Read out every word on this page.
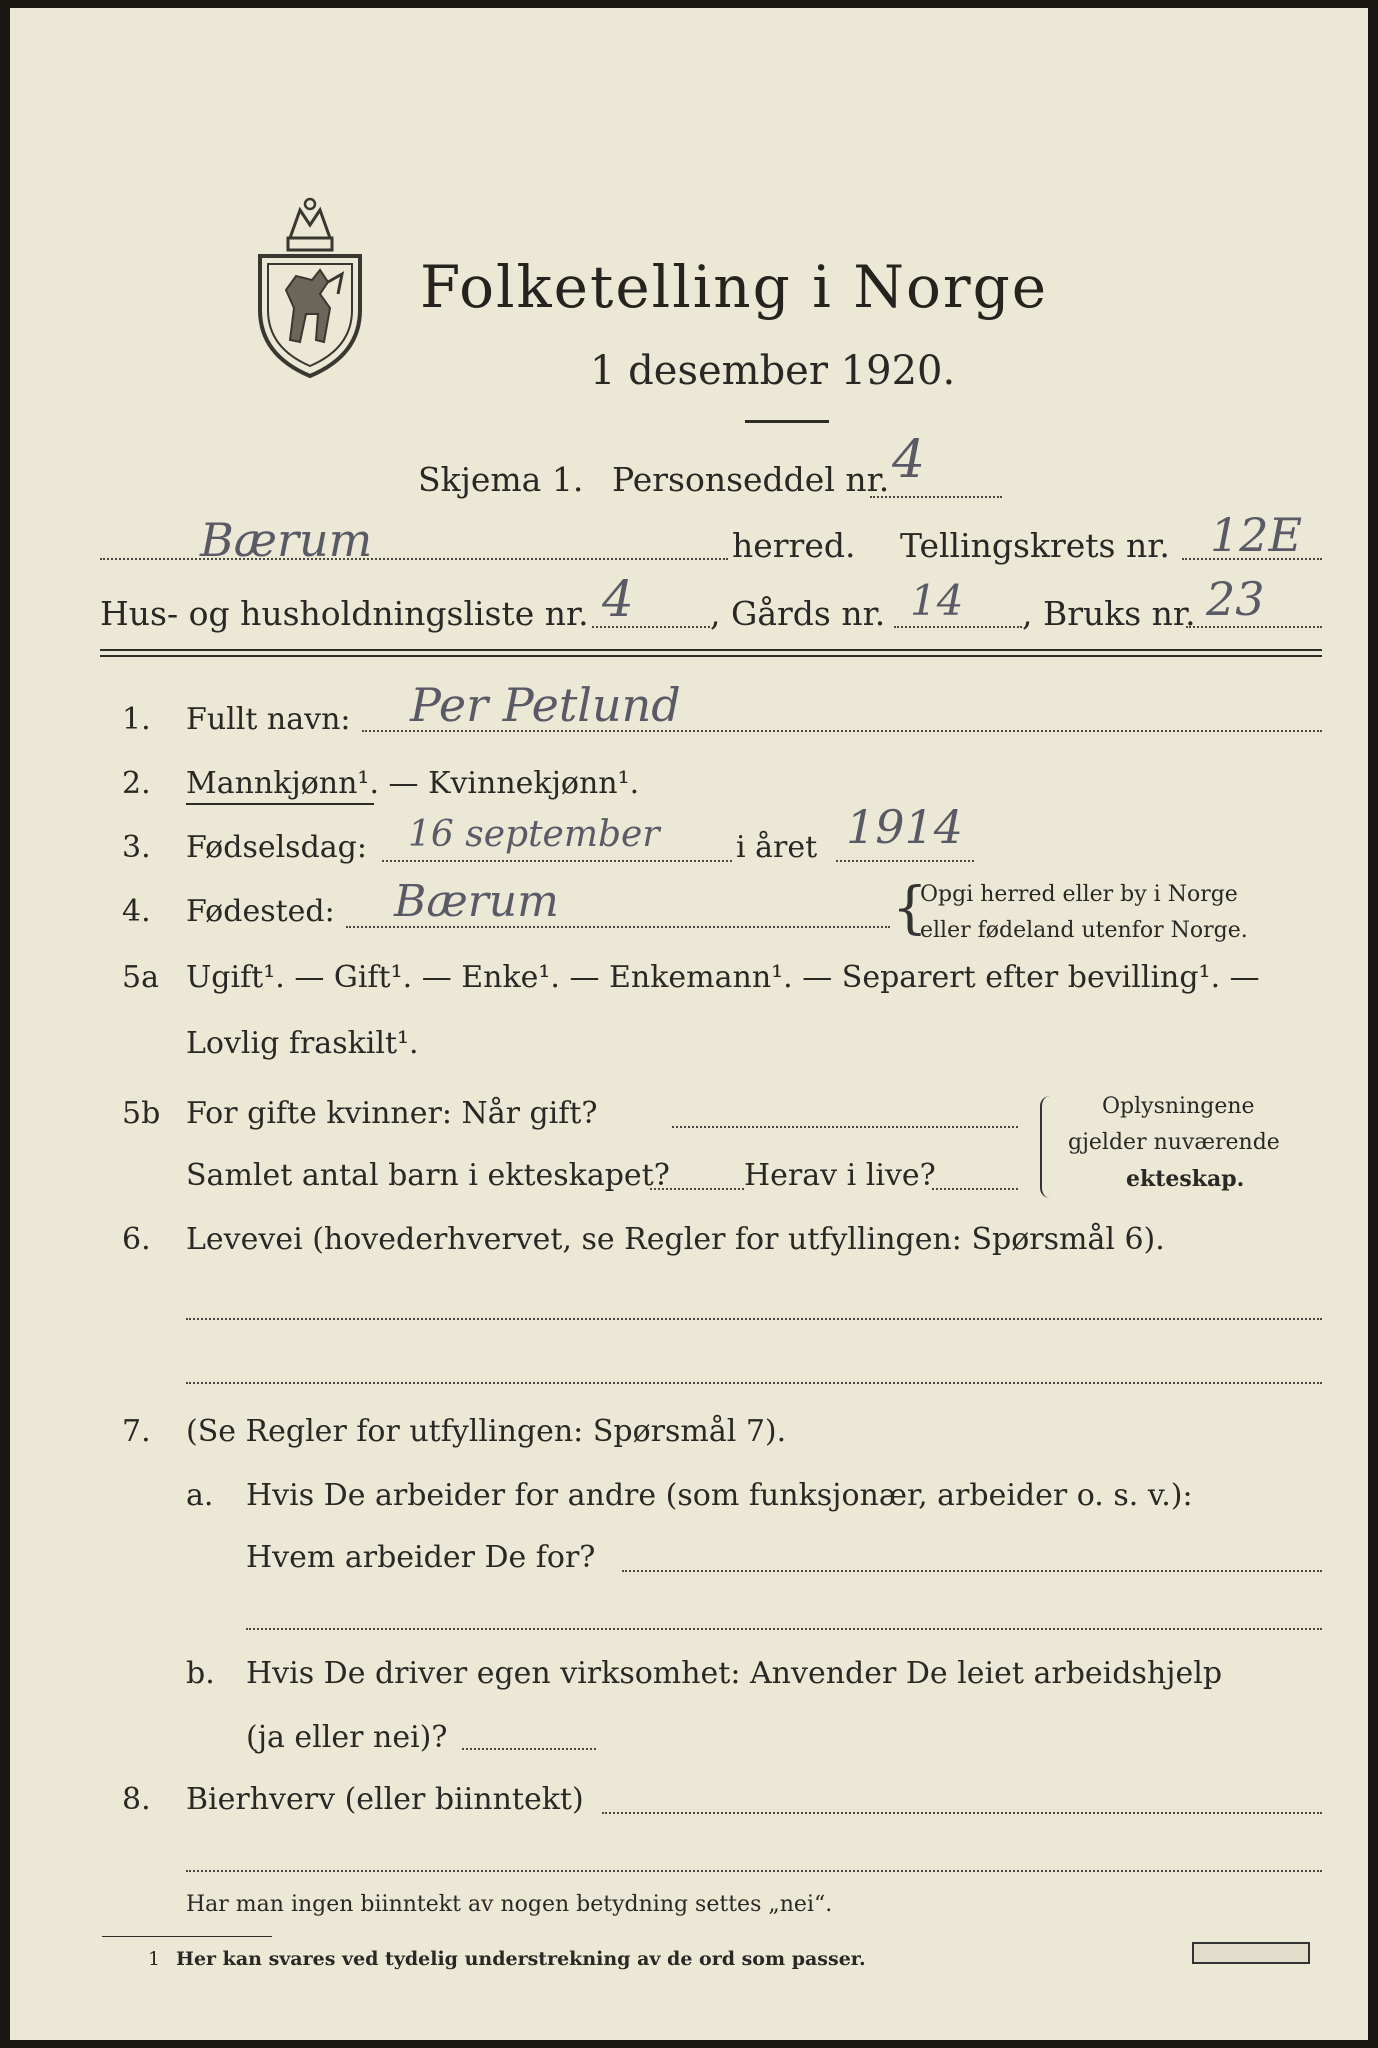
Folketelling i Norge
1 desember 1920.
Skjema 1. Personseddel nr. 4
Bærum	herred. Tellingskrets nr. 12E
Hus- og husholdningsliste nr. 4 , Gårds nr. 14 , Bruks nr. 23
1. Fullt navn: Per Petlund
2. Mannkjønn¹. — Kvinnekjønn¹.
3. Fødselsdag: 16 september	i året 1914
4. Fødested: Bærum	{
Opgi herred eller by i Norge
eller fødeland utenfor Norge.
5a Ugift¹. — Gift¹. — Enke¹. — Enkemann¹. — Separert efter bevilling¹. —
Lovlig fraskilt¹.
5b For gifte kvinner: Når gift?
Samlet antal barn i ekteskapet? Herav i live?
Oplysningene
gjelder nuværende
ekteskap.
6. Levevei (hovederhvervet, se Regler for utfyllingen: Spørsmål 6).
7. (Se Regler for utfyllingen: Spørsmål 7).
a. Hvis De arbeider for andre (som funksjonær, arbeider o. s. v.):
Hvem arbeider De for?
b. Hvis De driver egen virksomhet: Anvender De leiet arbeidshjelp
(ja eller nei)?
8. Bierhverv (eller biinntekt)
Har man ingen biinntekt av nogen betydning settes „nei“.
1 Her kan svares ved tydelig understrekning av de ord som passer.
